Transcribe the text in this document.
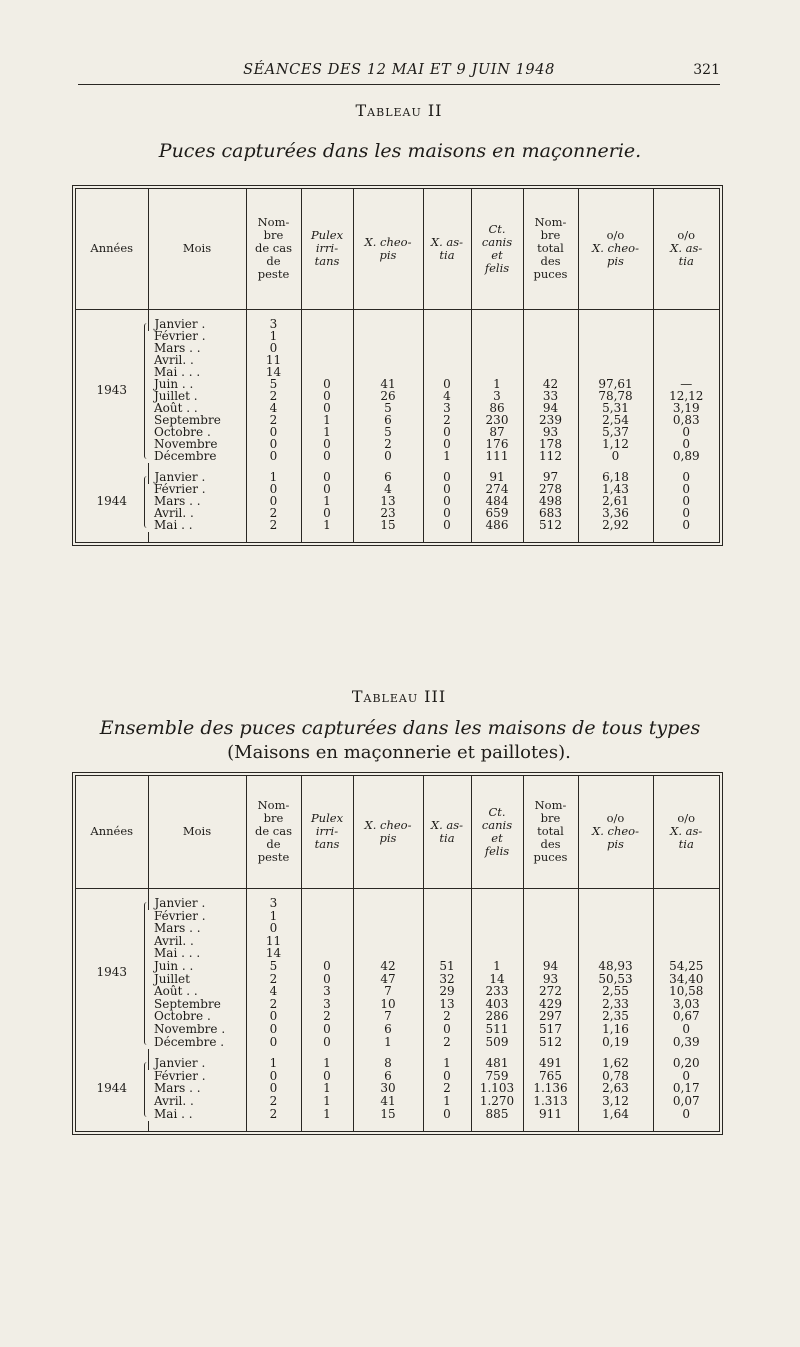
SÉANCES DES 12 MAI ET 9 JUIN 1948	321
Tableau II
Puces capturées dans les maisons en maçonnerie.
Années	Mois	Nom-
bre
de cas
de
peste	Pulex
irri-
tans	X. cheo-
pis	X. as-
tia	Ct.
canis
et
felis	Nom-
bre
total
des
puces	o/o
X. cheo-
pis	o/o
X. as-
tia

1943	Janvier .	3							
	Février .	1							
	Mars . .	0							
	Avril. .	11							
	Mai . . .	14							
	Juin . .	5	0	41	0	1	42	97,61	—
	Juillet .	2	0	26	4	3	33	78,78	12,12
	Août . .	4	0	5	3	86	94	5,31	3,19
	Septembre	2	1	6	2	230	239	2,54	0,83
	Octobre .	0	1	5	0	87	93	5,37	0
	Novembre	0	0	2	0	176	178	1,12	0
	Décembre	0	0	0	1	111	112	0	0,89

1944	Janvier .	1	0	6	0	91	97	6,18	0
	Février .	0	0	4	0	274	278	1,43	0
	Mars . .	0	1	13	0	484	498	2,61	0
	Avril. .	2	0	23	0	659	683	3,36	0
	Mai . .	2	1	15	0	486	512	2,92	0

Tableau III
Ensemble des puces capturées dans les maisons de tous types
(Maisons en maçonnerie et paillotes).
Années	Mois	Nom-
bre
de cas
de
peste	Pulex
irri-
tans	X. cheo-
pis	X. as-
tia	Ct.
canis
et
felis	Nom-
bre
total
des
puces	o/o
X. cheo-
pis	o/o
X. as-
tia

1943	Janvier .	3							
	Février .	1							
	Mars . .	0							
	Avril. .	11							
	Mai . . .	14							
	Juin . .	5	0	42	51	1	94	48,93	54,25
	Juillet	2	0	47	32	14	93	50,53	34,40
	Août . .	4	3	7	29	233	272	2,55	10,58
	Septembre	2	3	10	13	403	429	2,33	3,03
	Octobre .	0	2	7	2	286	297	2,35	0,67
	Novembre .	0	0	6	0	511	517	1,16	0
	Décembre .	0	0	1	2	509	512	0,19	0,39

1944	Janvier .	1	1	8	1	481	491	1,62	0,20
	Février .	0	0	6	0	759	765	0,78	0
	Mars . .	0	1	30	2	1.103	1.136	2,63	0,17
	Avril. .	2	1	41	1	1.270	1.313	3,12	0,07
	Mai . .	2	1	15	0	885	911	1,64	0
